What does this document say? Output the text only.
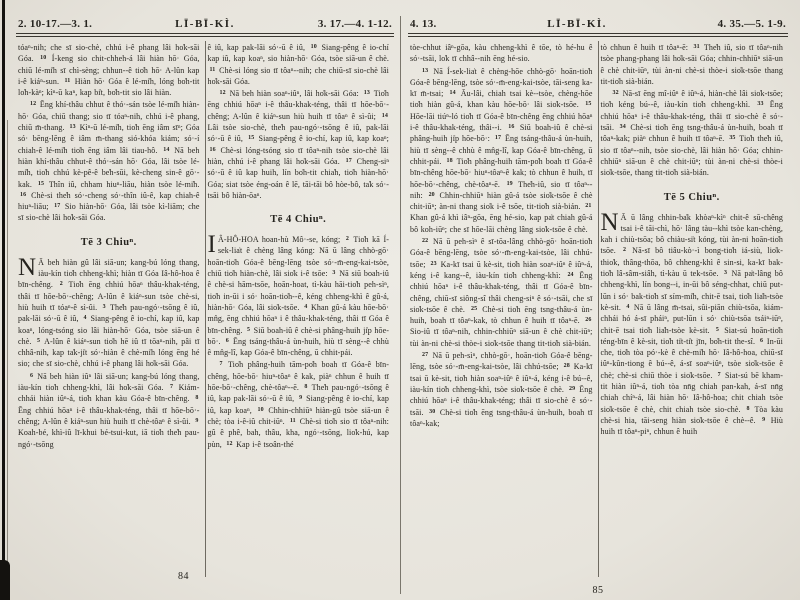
2. 10-17.—3. 1.	LĪ-BĪ-KÌ.	3. 17.—4. 1-12.

tóaⁿ-nih; che sī sio-chè, chhú i-ê phang lâi ho̍k-sāi Góa. $^{10}$ Í-keng sio chit-chheh-á lâi hiàn hō· Góa, chiū lé-mi̍h sī chì-sèng; chhun--ê tio̍h hō· A-lûn kap i-ê kiáⁿ-sun. $^{11}$ Hiàn hō· Góa ê lé-mi̍h, lóng bo̍h-tit lo̍h-kàⁿ; kìⁿ-ū kaⁿ, kap bi̍t, bo̍h-tit sio lâi hiàn.

$^{12}$ Ēng khí-thâu chhut ê thó·-sán tsòe lé-mi̍h hiàn-hō· Góa, chiū thang; sio tī tóaⁿ-nih, chhú i-ê phang, chiū m̄-thang. $^{13}$ Kìⁿ-ū lé-mi̍h, tio̍h ēng iâm sīⁿ; Góa só· bēng-lēng ê iâm m̄-thang sió-khóa kiám; só·-í chiah-ê lé-mi̍h tio̍h ēng iâm lâi tiau-hô. $^{14}$ Nā beh hiàn khí-thâu chhut-ê thó·-sán hō· Góa, lâi tsòe lé-mi̍h, tio̍h chhú kè-pê-ê be̍h-sūi, kè-cheng sin-ê gō·-kak. $^{15}$ Thîn iû, chham hiuⁿ-liāu, hiàn tsòe lé-mi̍h. $^{16}$ Chè-si the̍h só·-cheng só·-thîn iû-ê, kap chiah-ê hiuⁿ-liāu; $^{17}$ Sio hiàn-hō· Góa, lâi tsòe kì-liām; che sī sio-chè lâi ho̍k-sāi Góa.

Tē 3 Chiuⁿ.

N Ā beh hiàn gû lâi siā-un; kang-bú lóng thang, iàu-kín tio̍h chheng-khì; hiàn tī Góa Iâ-hô-hoa ê bīn-chêng. $^2$ Tio̍h ēng chhiú hōaⁿ thâu-khak-téng, thâi tī hōe-bō·-chêng; A-lûn ê kiáⁿ-sun tsòe chè-si, hiù huih tī tóaⁿ-ê sì-ûi. $^3$ The̍h pau-ngó·-tsōng ê iû, pak-lāi só·-ū ê iû, $^4$ Siang-pêng ê io-chí, kap iû, kap koaⁿ, lóng-tsóng sio lâi hiàn-hō· Góa, tsòe siā-un ê chè. $^5$ A-lûn ê kiáⁿ-sun tio̍h hē iû tī tōaⁿ-nih, pâi tī chhâ-nih, kap ta̍k-ji̍t só·-hiàn ê chè-mi̍h lóng ēng hé sio; che sī sio-chè, chhú i-ê phang lâi ho̍k-sāi Góa.

$^6$ Nā beh hiàn iûⁿ lâi siā-un; kang-bú lóng thang, iàu-kín tio̍h chheng-khì, lâi ho̍k-sāi Góa. $^7$ Kiám-chhái hiàn iûⁿ-á, tio̍h khan kàu Góa-ê bīn-chêng. $^8$ Ēng chhiú hōaⁿ i-ê thâu-khak-téng, thâi tī hōe-bō·-chêng; A-lûn ê kiáⁿ-sun hiù huih tī chè-tôaⁿ ê sì-ûi. $^9$ Koah-bé, khì-iû lī-khui bé-tsui-kut, iā tio̍h the̍h pau-ngó·-tsōng

ê iû, kap pak-lāi só·-ū ê iû, $^{10}$ Siang-pêng ê io-chí kap iû, kap koaⁿ, sio hiàn-hō· Góa, tsòe siā-un ê chè. $^{11}$ Chè-si lóng sio tī tôaⁿ--nih; che chiū-sī sio-chè lâi ho̍k-sāi Góa.

$^{12}$ Nā beh hiàn soaⁿ-iûⁿ, lâi ho̍k-sāi Góa: $^{13}$ Tio̍h ēng chhiú hōaⁿ i-ê thâu-khak-téng, thâi tī hōe-bō·-chêng; A-lûn ê kiáⁿ-sun hiù huih tī tôaⁿ ê sì-ûi; $^{14}$ Lâi tsòe sio-chè, the̍h pau-ngó·-tsōng ê iû, pak-lāi só·-ū ê iû, $^{15}$ Siang-pêng ê io-chí, kap iû, kap koaⁿ; $^{16}$ Chè-si lóng-tsóng sio tī tôaⁿ-nih tsòe sio-chè lâi hiàn, chhú i-ê phang lâi ho̍k-sāi Góa. $^{17}$ Cheng-siⁿ só·-ū ê iû kap huih, lín bo̍h-tit chia̍h, tio̍h hiàn-hō· Góa; siat tsòe éng-oán ê lē, tāi-tāi bô hòe-bô, ta̍k só·-tsāi bô hiàn-ōaⁿ.

Tē 4 Chiuⁿ.

I Â-HÔ-HOA hoan-hù Mô·-se, kóng; $^2$ Tio̍h kā Í-sek-lia̍t ê chèng lâng kóng: Nā ū lâng chhò-gō· hoān-tio̍h Góa-ê bēng-lēng tsòe só·-m̄-eng-kai-tsòe, chiū tio̍h hiàn-chè, lâi sio̍k i-ê tsōe: $^3$ Nā siū boah-iû ê chè-si hām-tsōe, hoān-hoat, tì-kàu hāi-tio̍h peh-sìⁿ, tio̍h in-ūi i só· hoān-tio̍h--ê, kéng chheng-khì ê gû-á, hiàn-hō· Góa, lâi sio̍k-tsōe. $^4$ Khan gû-á kàu hōe-bō· mn̂g, ēng chhiú hōaⁿ i ê thâu-khak-téng, thâi tī Góa ê bīn-chêng. $^5$ Siū boah-iû ê chè-si phâng-huih ji̍p hōe-bō·. $^6$ Ēng tsáng-thâu-á ùn-huih, hiù tī sèng--ê chhù ê mn̂g-lî, kap Góa-ê bīn-chêng, ū chhit-pái.

$^7$ Tio̍h phâng-huih tām-po̍h boah tī Góa-ê bīn-chêng, hōe-bō· hiuⁿ-tôaⁿ ê kak, piàⁿ chhun ê huih tī hōe-bō·-chêng, chè-tôaⁿ--ē. $^8$ The̍h pau-ngó·-tsōng ê iû, kap pak-lāi só·-ū ê iû, $^9$ Siang-pêng ê io-chí, kap iû, kap koaⁿ, $^{10}$ Chhin-chhiūⁿ hiàn-gû tsòe siā-un ê chè; tòa i-ê-iû chit-iūⁿ. $^{11}$ Chè-si tio̍h sio tī tôaⁿ-nih: gû ê phê, bah, thâu, kha, ngó·-tsōng, lio̍k-hú, kap pùn, $^{12}$ Kap i-ê tsoân-thé

84
4. 13.	LĪ-BĪ-KÌ.	4. 35.—5. 1-9.

tòe-chhut iâⁿ-gōa, kàu chheng-khì ê tōe, tò hé-hu ê só·-tsāi, lo̍k tī chhâ--nih ēng hé-sio.

$^{13}$ Nā Í-sek-lia̍t ê chèng-hōe chhò-gō· hoān-tio̍h Góa-ê bēng-lēng, tsòe só·-m̄-eng-kai-tsòe, tāi-seng ka-kī m̄-tsai; $^{14}$ Āu-lâi, chiah tsai kè--tsòe, chèng-hōe tio̍h hiàn gû-á, khan kàu hōe-bō· lâi sio̍k-tsōe. $^{15}$ Hōe-lāi tiúⁿ-ló tio̍h tī Góa-ê bīn-chêng ēng chhiú hōaⁿ i-ê thâu-khak-téng, thâi--i. $^{16}$ Siū boah-iû ê chè-si phâng-huih ji̍p hōe-bō·: $^{17}$ Ēng tsáng-thâu-á ùn-huih, hiù tī sèng--ê chhù ê mn̂g-lî, kap Góa-ê bīn-chêng, ū chhit-pái. $^{18}$ Tio̍h phâng-huih tām-po̍h boah tī Góa-ê bīn-chêng hōe-bō· hiuⁿ-tôaⁿ-ê kak; tò chhun ê huih, tī hōe-bō·-chêng, chè-tôaⁿ-ē. $^{19}$ The̍h-iû, sio tī tôaⁿ--nih: $^{20}$ Chhin-chhiūⁿ hiàn gû-á tsòe sio̍k-tsōe ê chè chit-iūⁿ; àn-ni thang sio̍k i-ê tsōe, tit-tio̍h sià-bián. $^{21}$ Khan gû-á khì iâⁿ-gōa, ēng hé-sio, kap pa̍t chiah gû-á bô koh-iūⁿ; che sī hōe-lāi chèng lâng sio̍k-tsōe ê chè.

$^{22}$ Nā ū peh-sìⁿ ê sī-tōa-lâng chhò-gō· hoān-tio̍h Góa-ê bēng-lēng, tsòe só·-m̄-eng-kai-tsòe, lâi chhú-tsōe; $^{23}$ Ka-kī tsai ū kè-sit, tio̍h hiàn soaⁿ-iûⁿ ê iûⁿ-á, kéng i-ê kang--ê, iàu-kín tio̍h chheng-khì: $^{24}$ Ēng chhiú hōaⁿ i-ê thâu-khak-téng, thâi tī Góa-ê bīn-chêng, chiū-sī siông-sî thâi cheng-siⁿ ê só·-tsāi, che sī sio̍k-tsōe ê chè. $^{25}$ Chè-si tio̍h ēng tsng-thâu-á ùn-huih, boah tī tôaⁿ-kak, tò chhun ê huih tī tôaⁿ-ē. $^{26}$ Sio-iû tī tôaⁿ-nih, chhin-chhiūⁿ siā-un ê chè chit-iūⁿ; tùi àn-ni chè-si thòe-i sio̍k-tsōe thang tit-tio̍h sià-bián.

$^{27}$ Nā ū peh-sìⁿ, chhò-gō·, hoān-tio̍h Góa-ê bēng-lēng, tsòe só·-m̄-eng-kai-tsòe, lâi chhú-tsōe; $^{28}$ Ka-kī tsai ū kè-sit, tio̍h hiàn soaⁿ-iûⁿ ê iûⁿ-á, kéng i-ê bú--ê, iàu-kín tio̍h chheng-khì, tsòe sio̍k-tsōe ê chè. $^{29}$ Ēng chhiú hōaⁿ i-ê thâu-khak-téng; thâi tī sio-chè ê só·-tsāi. $^{30}$ Chè-si tio̍h ēng tsng-thâu-á ùn-huih, boah tī tôaⁿ-kak;

tò chhun ê huih tī tôaⁿ-ē: $^{31}$ The̍h iû, sio tī tôaⁿ-nih tsòe phang-phang lâi ho̍k-sāi Góa; chhin-chhiūⁿ siā-un ê chè chit-iūⁿ, tùi àn-ni chè-si thòe-i sio̍k-tsōe thang tit-tio̍h sià-bián.

$^{32}$ Nā-sī ēng mî-iûⁿ ê iûⁿ-á, hiàn-chè lâi sio̍k-tsōe; tio̍h kéng bú--ê, iàu-kín tio̍h chheng-khì. $^{33}$ Ēng chhiú hōaⁿ i-ê thâu-khak-téng, thâi tī sio-chè ê só·-tsāi. $^{34}$ Chè-si tio̍h ēng tsng-thâu-á ùn-huih, boah tī tôaⁿ-kak; piàⁿ chhun ê huih tī tôaⁿ-ē. $^{35}$ Tio̍h the̍h iû, sio tī tôaⁿ--nih, tsòe sio-chè, lâi hiàn hō· Góa; chhin-chhiūⁿ siā-un ê chè chit-iūⁿ; tùi àn-ni chè-si thòe-i sio̍k-tsōe, thang tit-tio̍h sià-bián.

Tē 5 Chiuⁿ.

N Ā ū lâng chhin-ba̍k khòaⁿ-kìⁿ chit-ê sū-chêng tsai i-ê tāi-chì, hō· lâng tàu--khì tsòe kan-chèng, kah i chiù-tsōa; bô chiàu-si̍t kóng, tùi àn-ni hoān-tio̍h tsōe. $^2$ Nā-sī bô tiâu-kò·-ì bong-tio̍h iá-siù, lio̍k-thio̍k, thâng-thōa, bô chheng-khì ê sin-si, ka-kī bak-tio̍h lâ-sâm-siâh, tì-kàu ū tek-tsōe. $^3$ Nā pa̍t-lâng bô chheng-khì, lín bong--i, in-ūi bô séng-chhat, chiū put-lūn i só· bak-tio̍h sī sím-mi̍h, chit-ē tsai, tio̍h lia̍h-tsòe kè-sit. $^4$ Nā ū lâng m̄-tsai, sûi-piān chiù-tsōa, kiám-chhái hó á-sī pháiⁿ, put-lūn i só· chiù-tsōa tsáiⁿ-iūⁿ, chit-ē tsai tio̍h lia̍h-tsòe kè-sit. $^5$ Siat-sú hoān-tio̍h téng-bīn ê kè-sit, tio̍h ti̍t-ti̍t jīn, bo̍h-tit the-sî. $^6$ In-ūi che, tio̍h tòa pó·-kè ê chè-mi̍h hō· Iâ-hô-hoa, chiū-sī iûⁿ-kûn-tiong ê bú--ê, á-sī soaⁿ-iûⁿ, tsòe sio̍k-tsōe ê chè; chè-si chiū thòe i sio̍k-tsōe. $^7$ Siat-sú bē kham-tit hiàn iûⁿ-á, tio̍h tòa nn̄g chiah pan-kah, á-sī nn̄g chiah chíⁿ-á, lâi hiàn hō· Iâ-hô-hoa; chit chiah tsòe sio̍k-tsōe ê chè, chit chiah tsòe sio-chè. $^8$ Tòa kàu chè-si hia, tāi-seng hiàn sio̍k-tsōe ê chè--ê. $^9$ Hiù huih tī tôaⁿ-piⁿ, chhun ê huih

85
